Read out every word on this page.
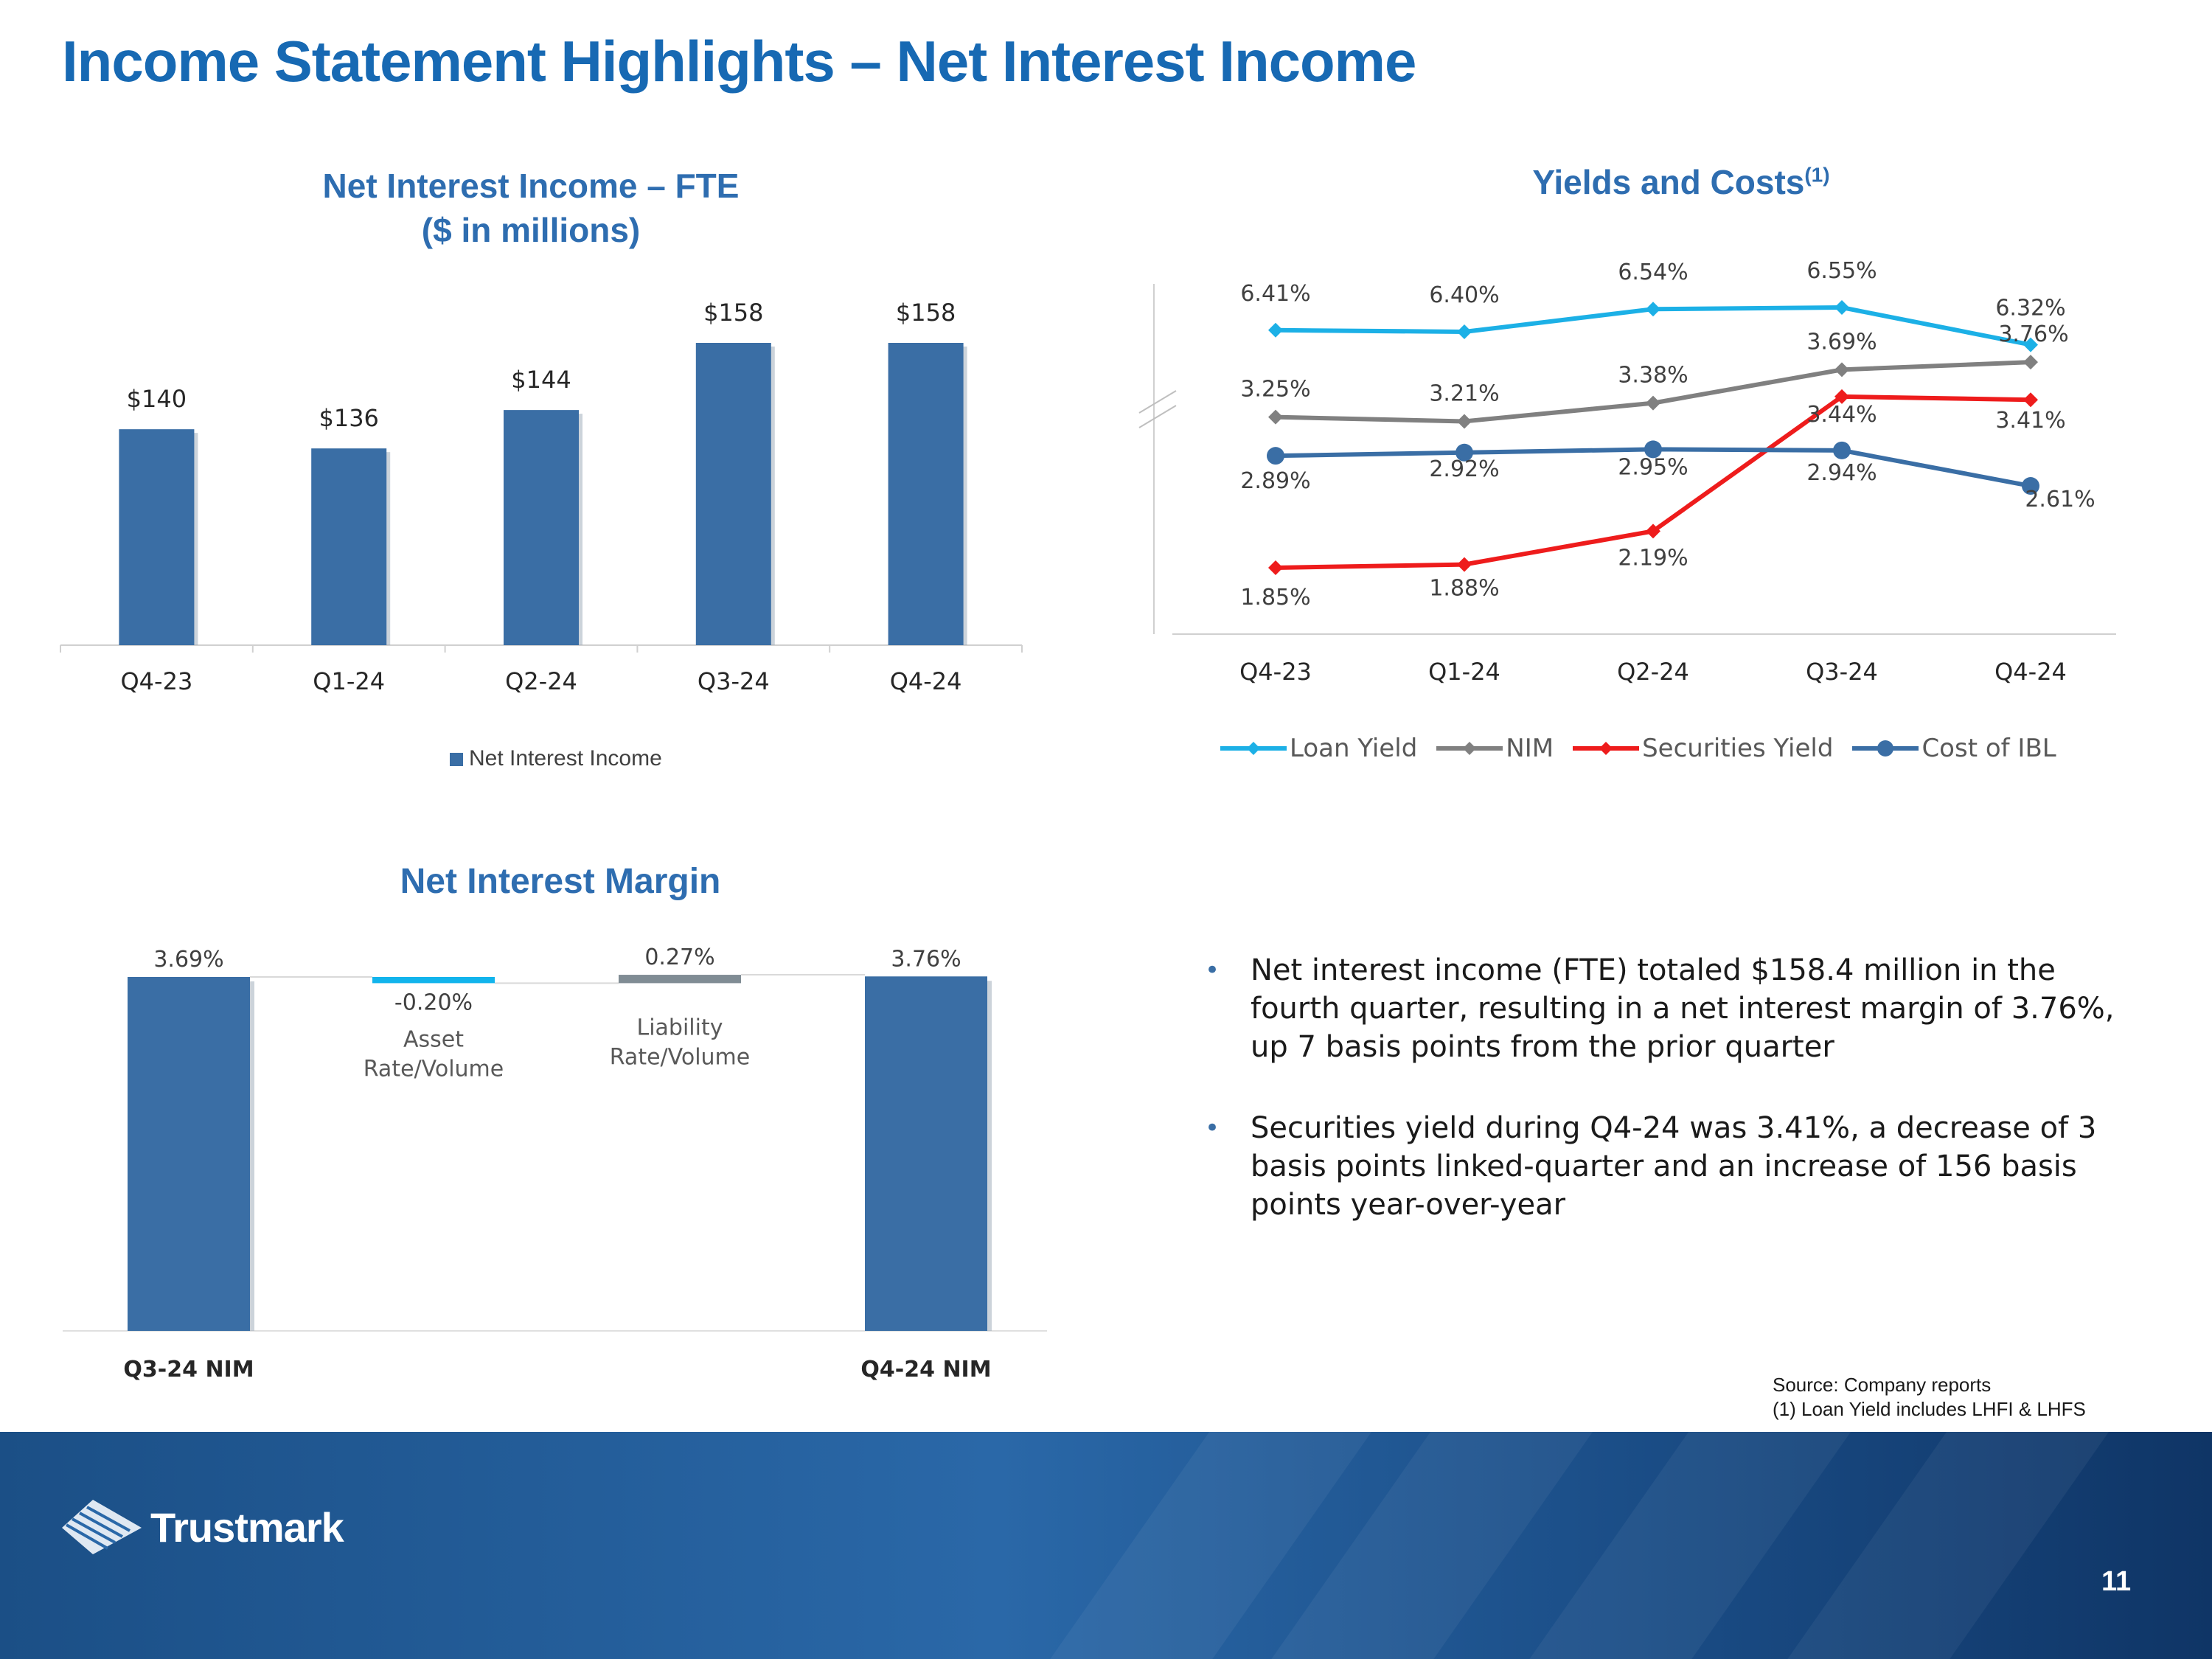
Income Statement Highlights – Net Interest Income
Net Interest Income – FTE
($ in millions)
$140
Q4-23
$136
Q1-24
$144
Q2-24
$158
Q3-24
$158
Q4-24
Net Interest Income
Yields and Costs$^{(1)}$
Q4-23	Q1-24	Q2-24	Q3-24	Q4-24
6.41%	6.40%
6.54%	6.55%
6.32%
3.25%	3.21%
3.38%
3.69%	3.76%
1.85%	1.88%
2.19%
3.44%	3.41%
2.89%	2.92%	2.95%	2.94%
2.61%
Loan Yield	NIM	Securities Yield	Cost of IBL
Net Interest Margin
3.69%
Q3-24 NIM
-0.20%
Asset
Rate/Volume
0.27%
Liability
Rate/Volume
3.76%
Q4-24 NIM
• Net interest income (FTE) totaled $158.4 million in the fourth quarter, resulting in a net interest margin of 3.76%, up 7 basis points from the prior quarter
• Securities yield during Q4-24 was 3.41%, a decrease of 3 basis points linked-quarter and an increase of 156 basis points year-over-year
Source: Company reports
(1) Loan Yield includes LHFI & LHFS
Trustmark
11
